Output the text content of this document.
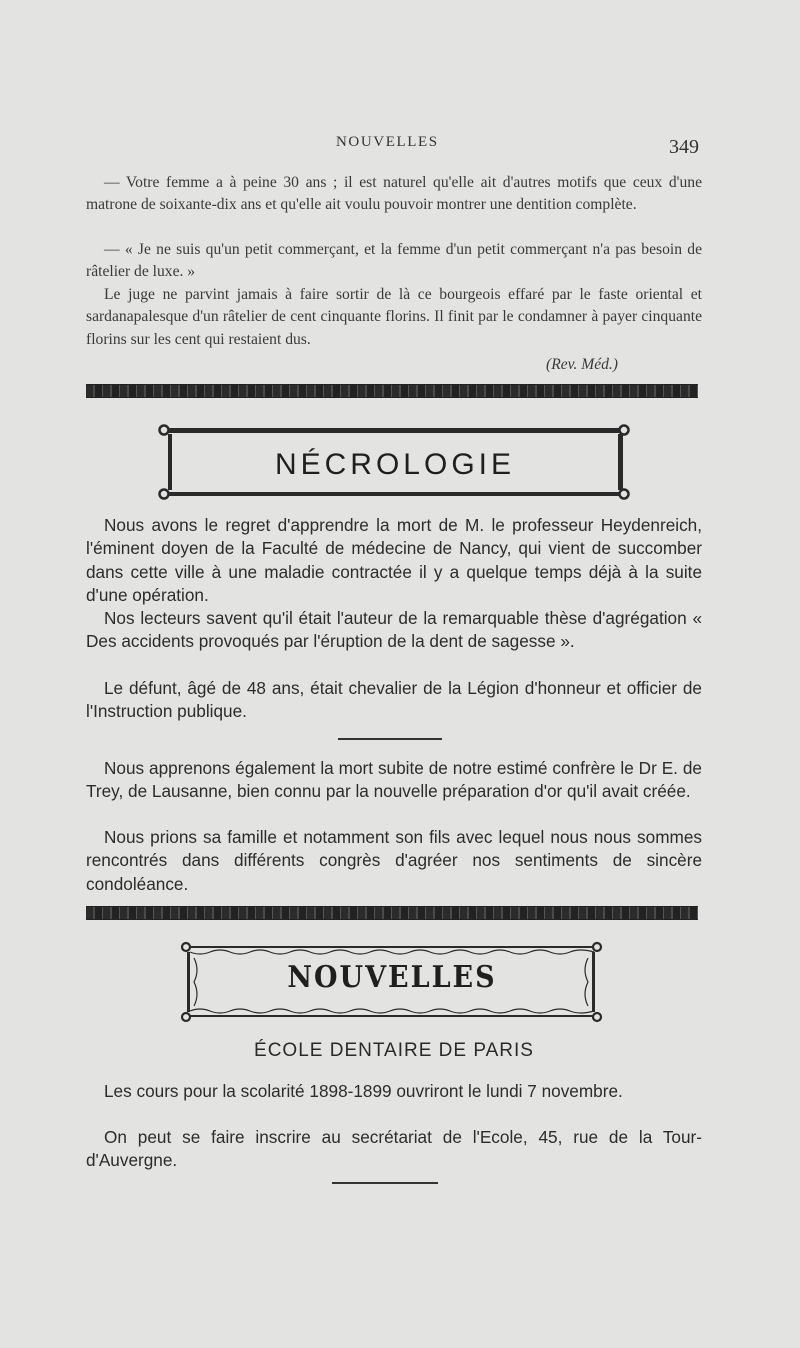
NOUVELLES	349

— Votre femme a à peine 30 ans ; il est naturel qu'elle ait d'autres motifs que ceux d'une matrone de soixante-dix ans et qu'elle ait voulu pouvoir montrer une dentition complète.

— « Je ne suis qu'un petit commerçant, et la femme d'un petit commerçant n'a pas besoin de râtelier de luxe. »

Le juge ne parvint jamais à faire sortir de là ce bourgeois effaré par le faste oriental et sardanapalesque d'un râtelier de cent cinquante florins. Il finit par le condamner à payer cinquante florins sur les cent qui restaient dus.

(Rev. Méd.)
NÉCROLOGIE

Nous avons le regret d'apprendre la mort de M. le professeur Heydenreich, l'éminent doyen de la Faculté de médecine de Nancy, qui vient de succomber dans cette ville à une maladie contractée il y a quelque temps déjà à la suite d'une opération.

Nos lecteurs savent qu'il était l'auteur de la remarquable thèse d'agrégation « Des accidents provoqués par l'éruption de la dent de sagesse ».

Le défunt, âgé de 48 ans, était chevalier de la Légion d'honneur et officier de l'Instruction publique.

Nous apprenons également la mort subite de notre estimé confrère le Dr E. de Trey, de Lausanne, bien connu par la nouvelle préparation d'or qu'il avait créée.

Nous prions sa famille et notamment son fils avec lequel nous nous sommes rencontrés dans différents congrès d'agréer nos sentiments de sincère condoléance.

NOUVELLES
ÉCOLE DENTAIRE DE PARIS

Les cours pour la scolarité 1898-1899 ouvriront le lundi 7 novembre.

On peut se faire inscrire au secrétariat de l'Ecole, 45, rue de la Tour-d'Auvergne.
